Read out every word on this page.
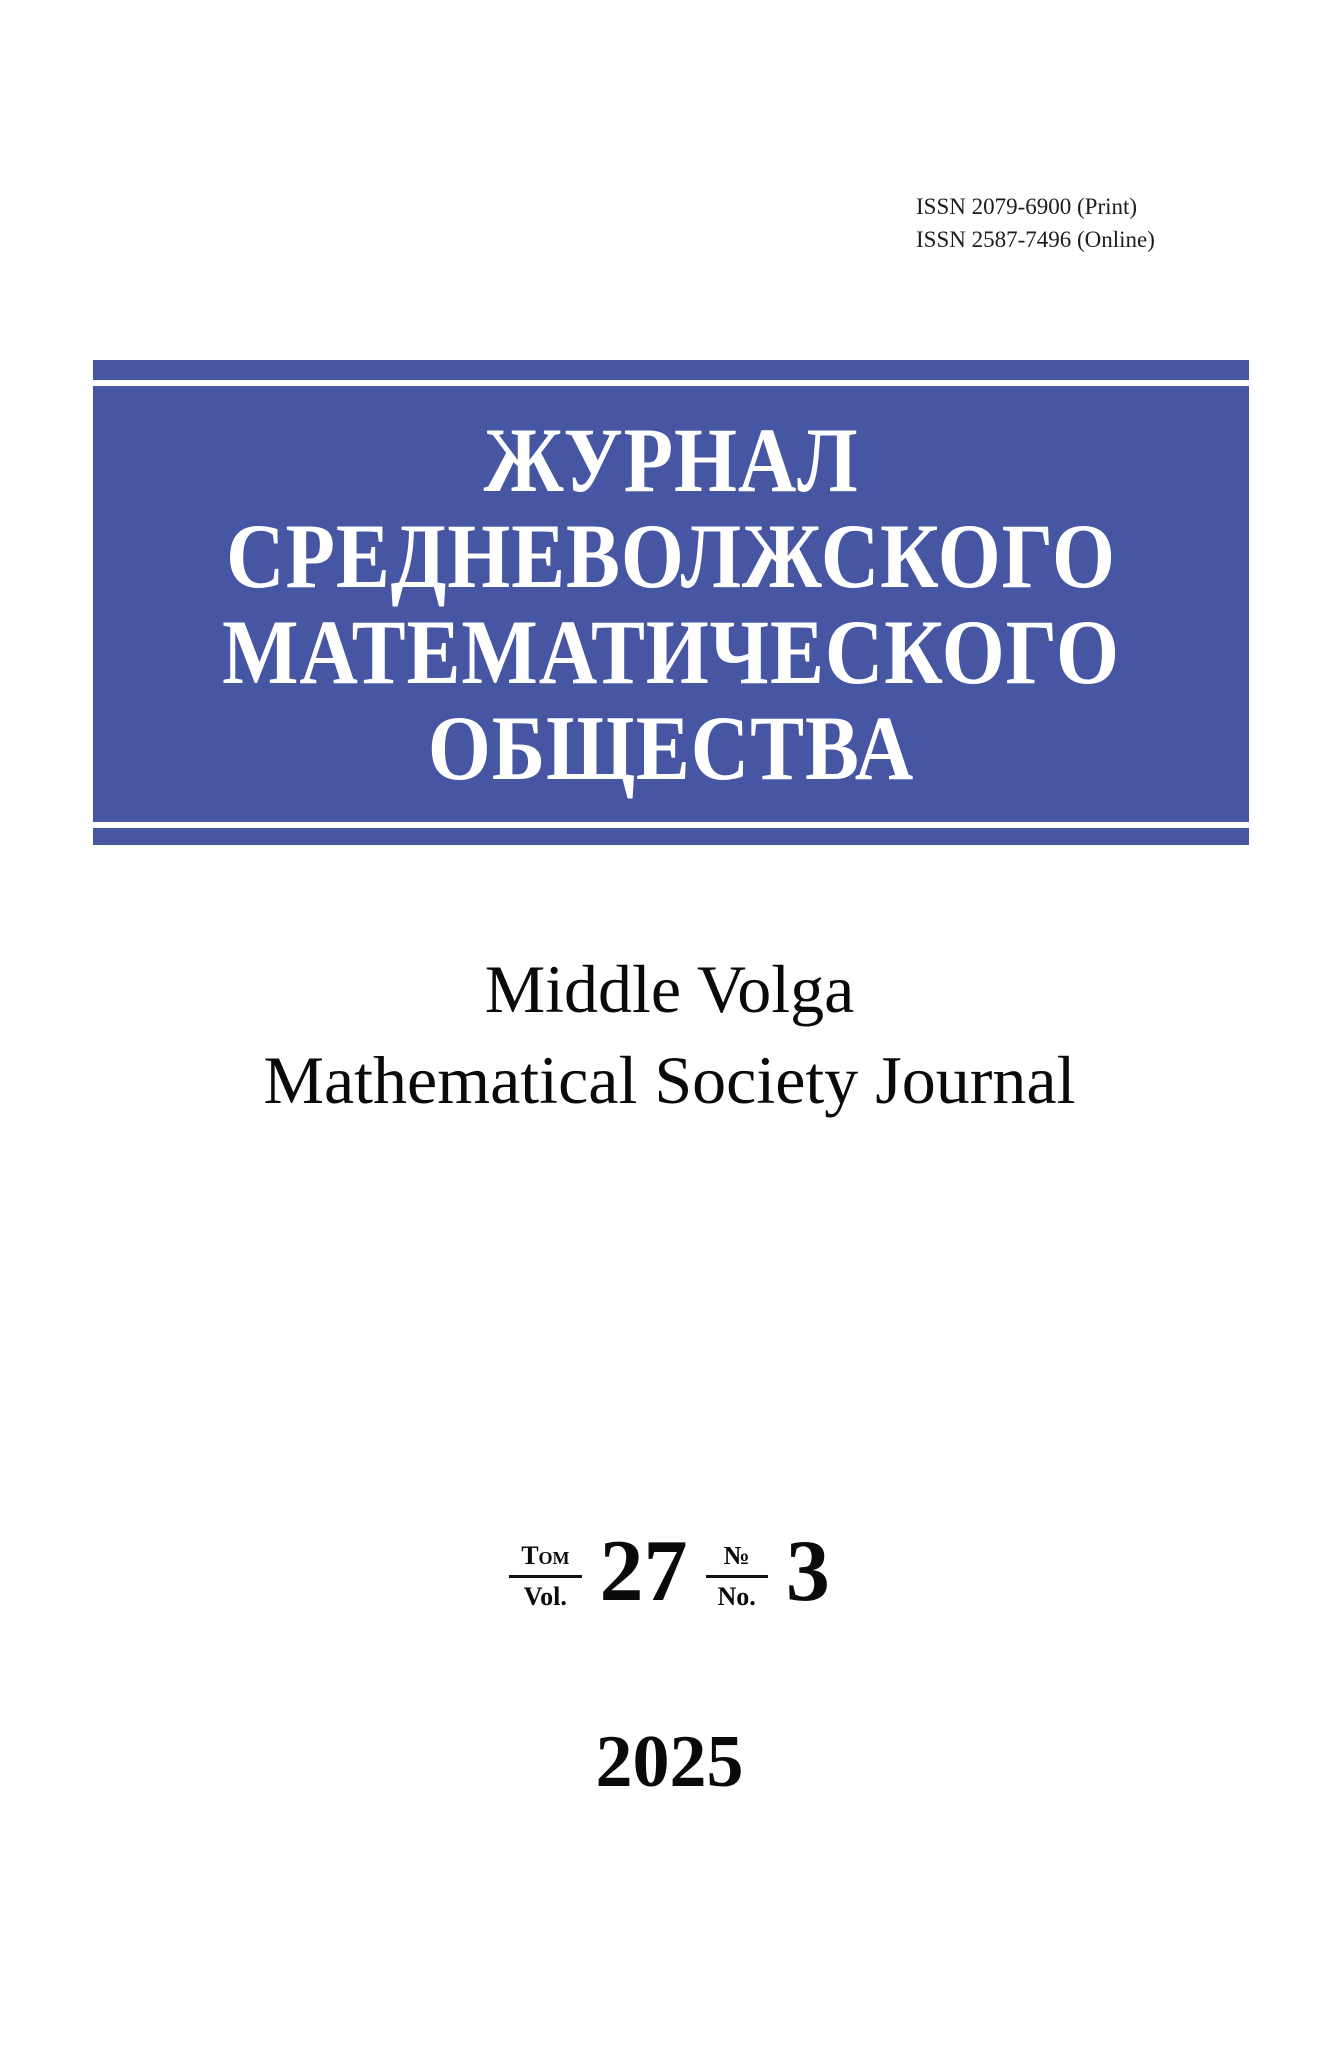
ISSN 2079-6900 (Print)
ISSN 2587-7496 (Online)
ЖУРНАЛ
СРЕДНЕВОЛЖСКОГО
МАТЕМАТИЧЕСКОГО
ОБЩЕСТВА
Middle Volga
Mathematical Society Journal
$\frac{\text{Том}}{\text{Vol.}} 27 \frac{№}{No.} 3$
2025
